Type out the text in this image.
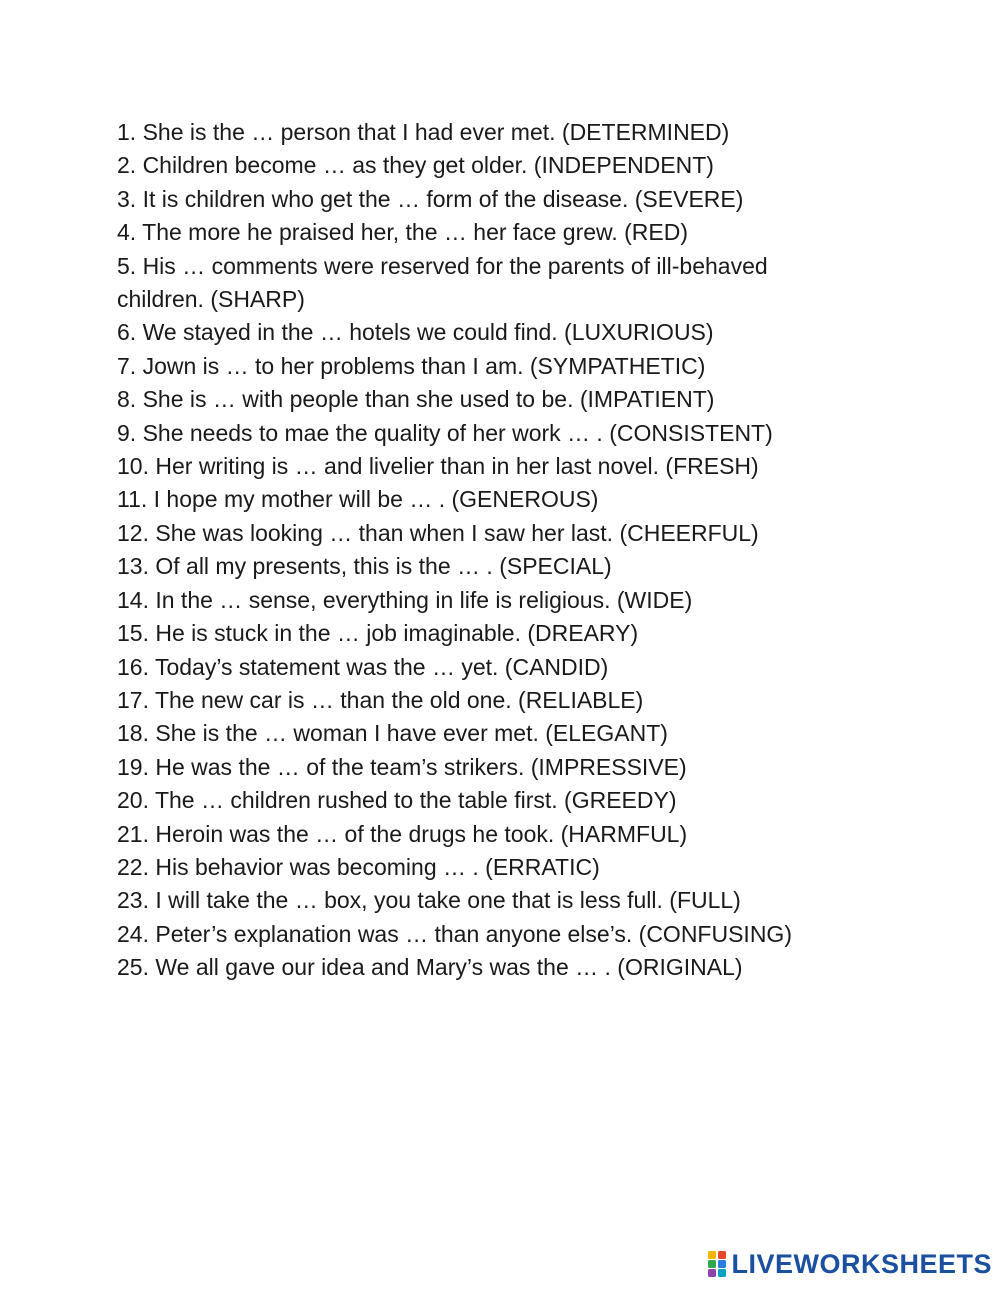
1. She is the … person that I had ever met. (DETERMINED)

2. Children become … as they get older. (INDEPENDENT)

3. It is children who get the … form of the disease. (SEVERE)

4. The more he praised her, the … her face grew. (RED)

5. His … comments were reserved for the parents of ill-behaved children. (SHARP)

6. We stayed in the … hotels we could find. (LUXURIOUS)

7. Jown is … to her problems than I am. (SYMPATHETIC)

8. She is … with people than she used to be. (IMPATIENT)

9. She needs to mae the quality of her work … . (CONSISTENT)

10. Her writing is … and livelier than in her last novel. (FRESH)

11. I hope my mother will be … . (GENEROUS)

12. She was looking … than when I saw her last. (CHEERFUL)

13. Of all my presents, this is the … . (SPECIAL)

14. In the … sense, everything in life is religious. (WIDE)

15. He is stuck in the … job imaginable. (DREARY)

16. Today’s statement was the … yet. (CANDID)

17. The new car is … than the old one. (RELIABLE)

18. She is the … woman I have ever met. (ELEGANT)

19. He was the … of the team’s strikers. (IMPRESSIVE)

20. The … children rushed to the table first. (GREEDY)

21. Heroin was the … of the drugs he took. (HARMFUL)

22. His behavior was becoming … . (ERRATIC)

23. I will take the … box, you take one that is less full. (FULL)

24. Peter’s explanation was … than anyone else’s. (CONFUSING)

25. We all gave our idea and Mary’s was the … . (ORIGINAL)

LIVEWORKSHEETS
